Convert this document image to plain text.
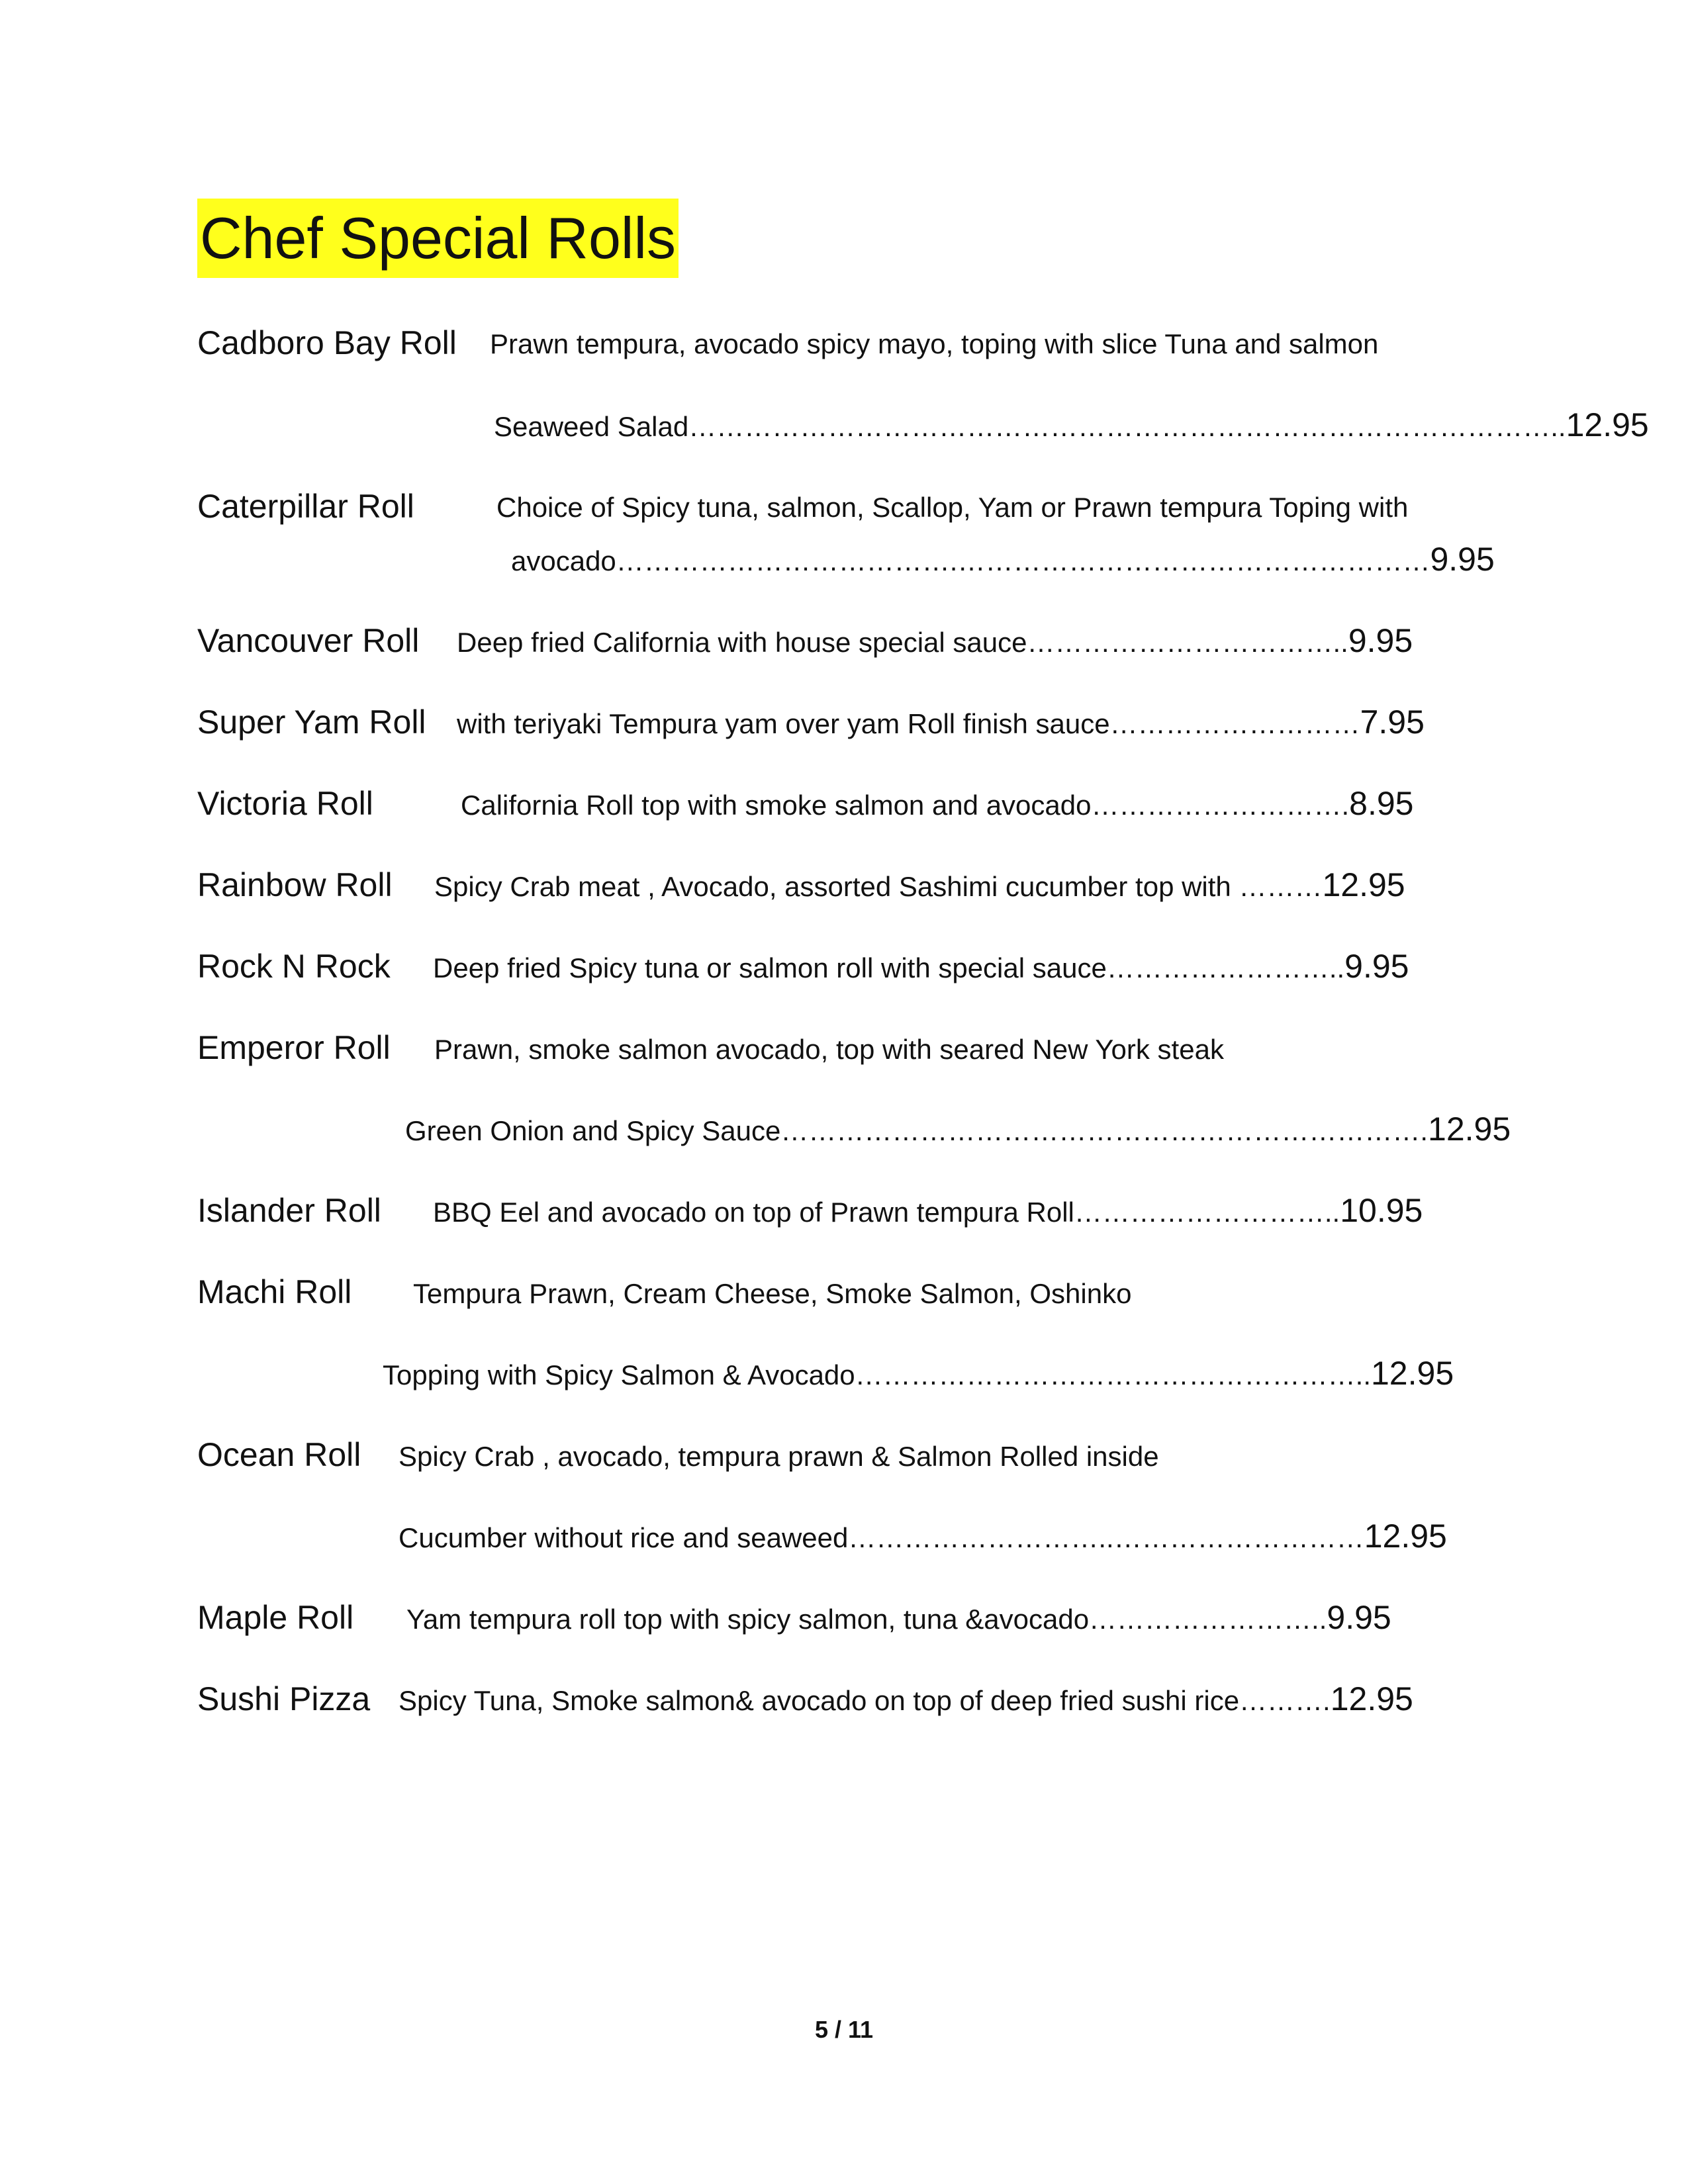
Chef Special Rolls
Cadboro Bay Roll Prawn tempura, avocado spicy mayo, toping with slice Tuna and salmon
Seaweed Salad…………………………………………………………………………………..12.95
Caterpillar Roll	Choice of Spicy tuna, salmon, Scallop, Yam or Prawn tempura Toping with
avocado……………………………….……………………………………………9.95
Vancouver Roll Deep fried California with house special sauce……………………………..9.95
Super Yam Roll with teriyaki Tempura yam over yam Roll finish sauce………………………7.95
Victoria Roll	California Roll top with smoke salmon and avocado……………………….8.95
Rainbow Roll Spicy Crab meat , Avocado, assorted Sashimi cucumber top with ………12.95
Rock N Rock Deep fried Spicy tuna or salmon roll with special sauce……………………..9.95
Emperor Roll Prawn, smoke salmon avocado, top with seared New York steak
Green Onion and Spicy Sauce…………………………………………………………….12.95
Islander Roll BBQ Eel and avocado on top of Prawn tempura Roll………………………..10.95
Machi Roll Tempura Prawn, Cream Cheese, Smoke Salmon, Oshinko
Topping with Spicy Salmon & Avocado………………………………………………..12.95
Ocean Roll Spicy Crab , avocado, tempura prawn & Salmon Rolled inside
Cucumber without rice and seaweed………………………..………………………12.95
Maple Roll Yam tempura roll top with spicy salmon, tuna &avocado……………………..9.95
Sushi Pizza Spicy Tuna, Smoke salmon& avocado on top of deep fried sushi rice……….12.95
5 / 11
